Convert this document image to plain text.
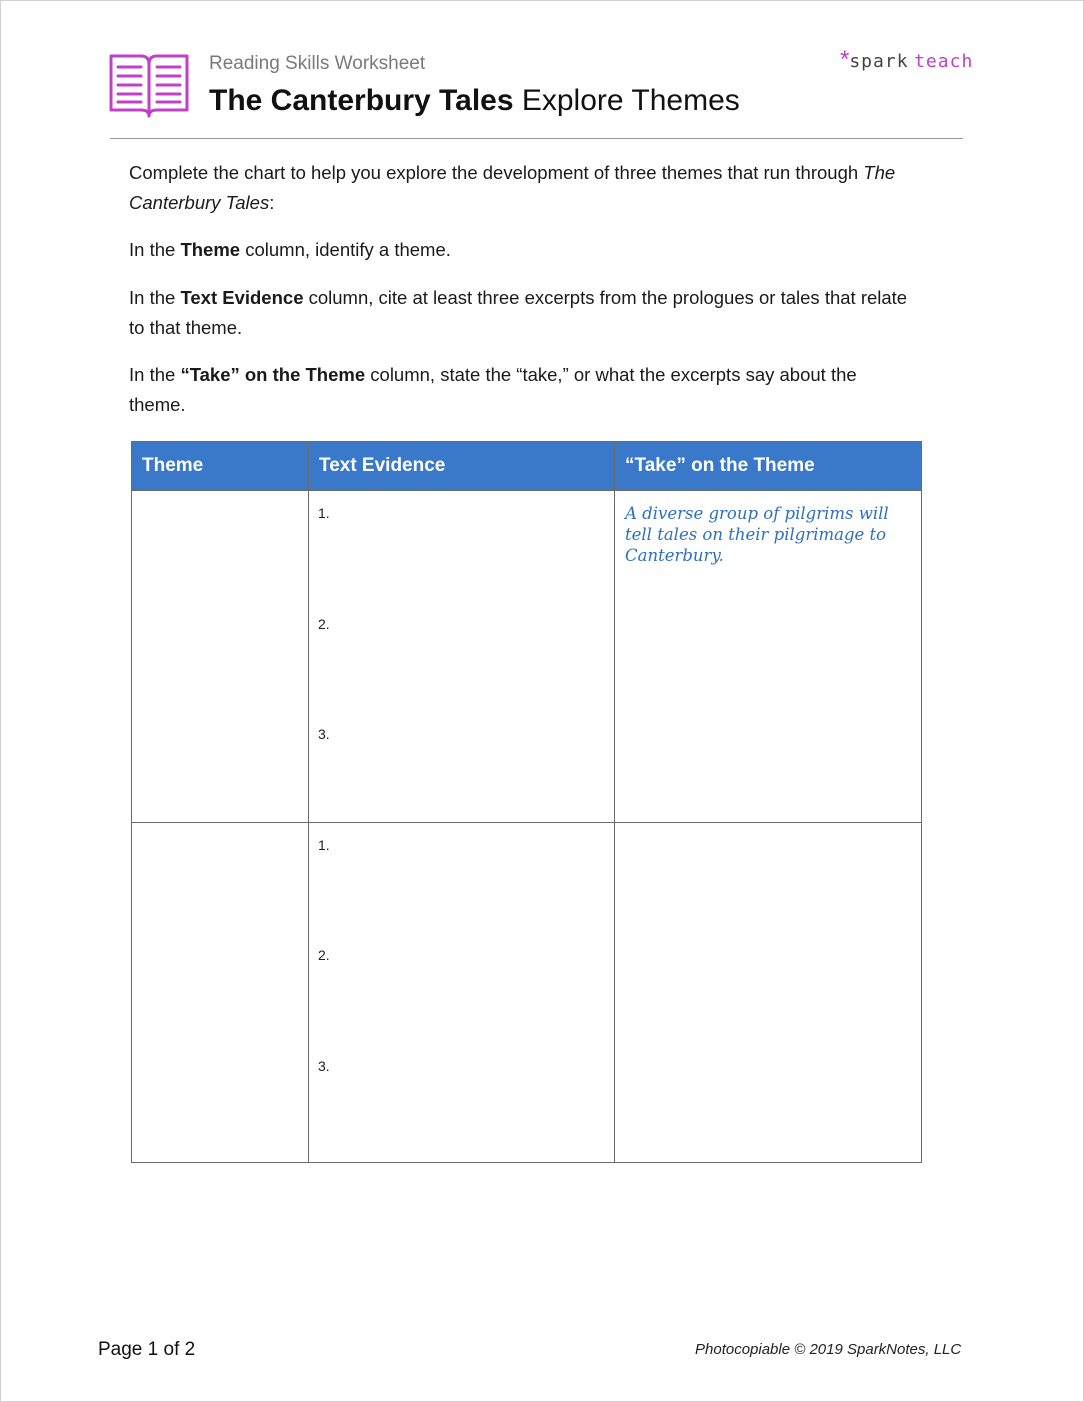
Reading Skills Worksheet
The Canterbury Tales Explore Themes
*spark teach
Complete the chart to help you explore the development of three themes that run through The Canterbury Tales:
In the Theme column, identify a theme.
In the Text Evidence column, cite at least three excerpts from the prologues or tales that relate to that theme.
In the “Take” on the Theme column, state the “take,” or what the excerpts say about the theme.
Theme	Text Evidence	“Take” on the Theme

	1.
2.
3.	A diverse group of pilgrims will tell tales on their pilgrimage to Canterbury.

	1.
2.
3.	

Page 1 of 2	Photocopiable © 2019 SparkNotes, LLC
